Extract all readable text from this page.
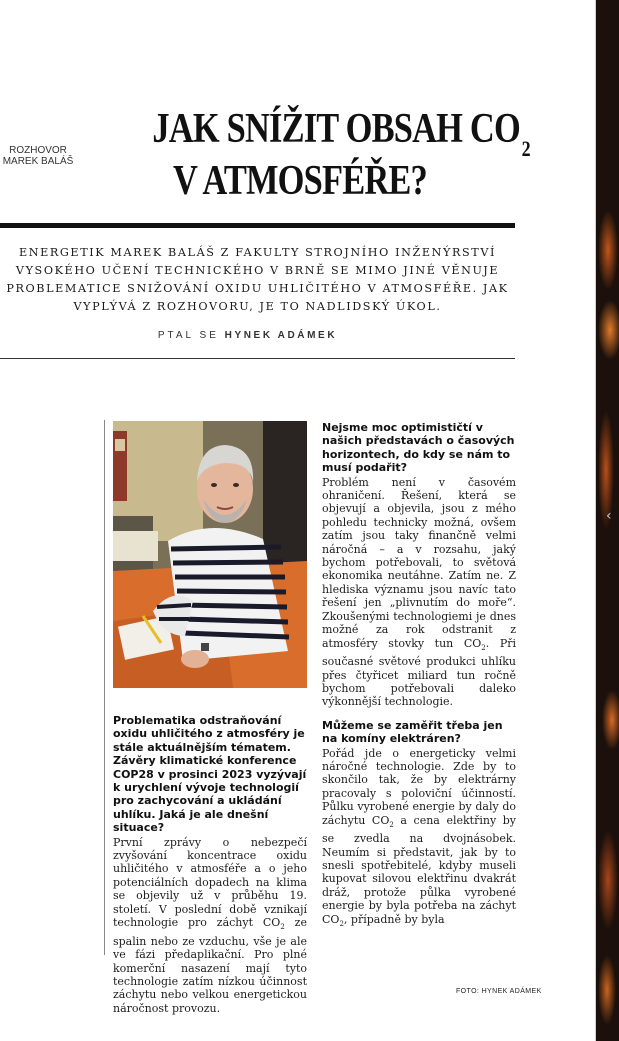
‹
ROZHOVOR
MAREK BALÁŠ
JAK SNÍŽIT OBSAH $CO_2$
V ATMOSFÉŘE?

ENERGETIK MAREK BALÁŠ Z FAKULTY STROJNÍHO INŽENÝRSTVÍ VYSOKÉHO UČENÍ TECHNICKÉHO V BRNĚ SE MIMO JINÉ VĚNUJE PROBLEMATICE SNIŽOVÁNÍ OXIDU UHLIČITÉHO V ATMOSFÉŘE. JAK VYPLÝVÁ Z ROZHOVORU, JE TO NADLIDSKÝ ÚKOL.

PTAL SE HYNEK ADÁMEK

Problematika odstraňování oxidu uhličitého z atmosféry je stále aktuálnějším tématem. Závěry klimatické konference COP28 v prosinci 2023 vyzývají k urychlení vývoje technologií pro zachycování a ukládání uhlíku. Jaká je ale dnešní situace?

První zprávy o nebezpečí zvyšování koncentrace oxidu uhličitého v atmosféře a o jeho potenciálních dopadech na klima se objevily už v průběhu 19. století. V poslední době vznikají technologie pro záchyt $CO_2$ ze spalin nebo ze vzduchu, vše je ale ve fázi předaplikační. Pro plné komerční nasazení mají tyto technologie zatím nízkou účinnost záchytu nebo velkou energetickou náročnost provozu.

Nejsme moc optimističtí v našich představách o časových horizontech, do kdy se nám to musí podařit?

Problém není v časovém ohraničení. Řešení, která se objevují a objevila, jsou z mého pohledu technicky možná, ovšem zatím jsou taky finančně velmi náročná – a v rozsahu, jaký bychom potřebovali, to světová ekonomika neutáhne. Zatím ne. Z hlediska významu jsou navíc tato řešení jen „plivnutím do moře“. Zkoušenými technologiemi je dnes možné za rok odstranit z atmosféry stovky tun $CO_2$. Při současné světové produkci uhlíku přes čtyřicet miliard tun ročně bychom potřebovali daleko výkonnější technologie.

Můžeme se zaměřit třeba jen na komíny elektráren?

Pořád jde o energeticky velmi náročné technologie. Zde by to skončilo tak, že by elektrárny pracovaly s poloviční účinností. Půlku vyrobené energie by daly do záchytu $CO_2$ a cena elektřiny by se zvedla na dvojnásobek. Neumím si představit, jak by to snesli spotřebitelé, kdyby museli kupovat silovou elektřinu dvakrát dráž, protože půlka vyrobené energie by byla potřeba na záchyt $CO_2$, případně by byla

FOTO: HYNEK ADÁMEK
